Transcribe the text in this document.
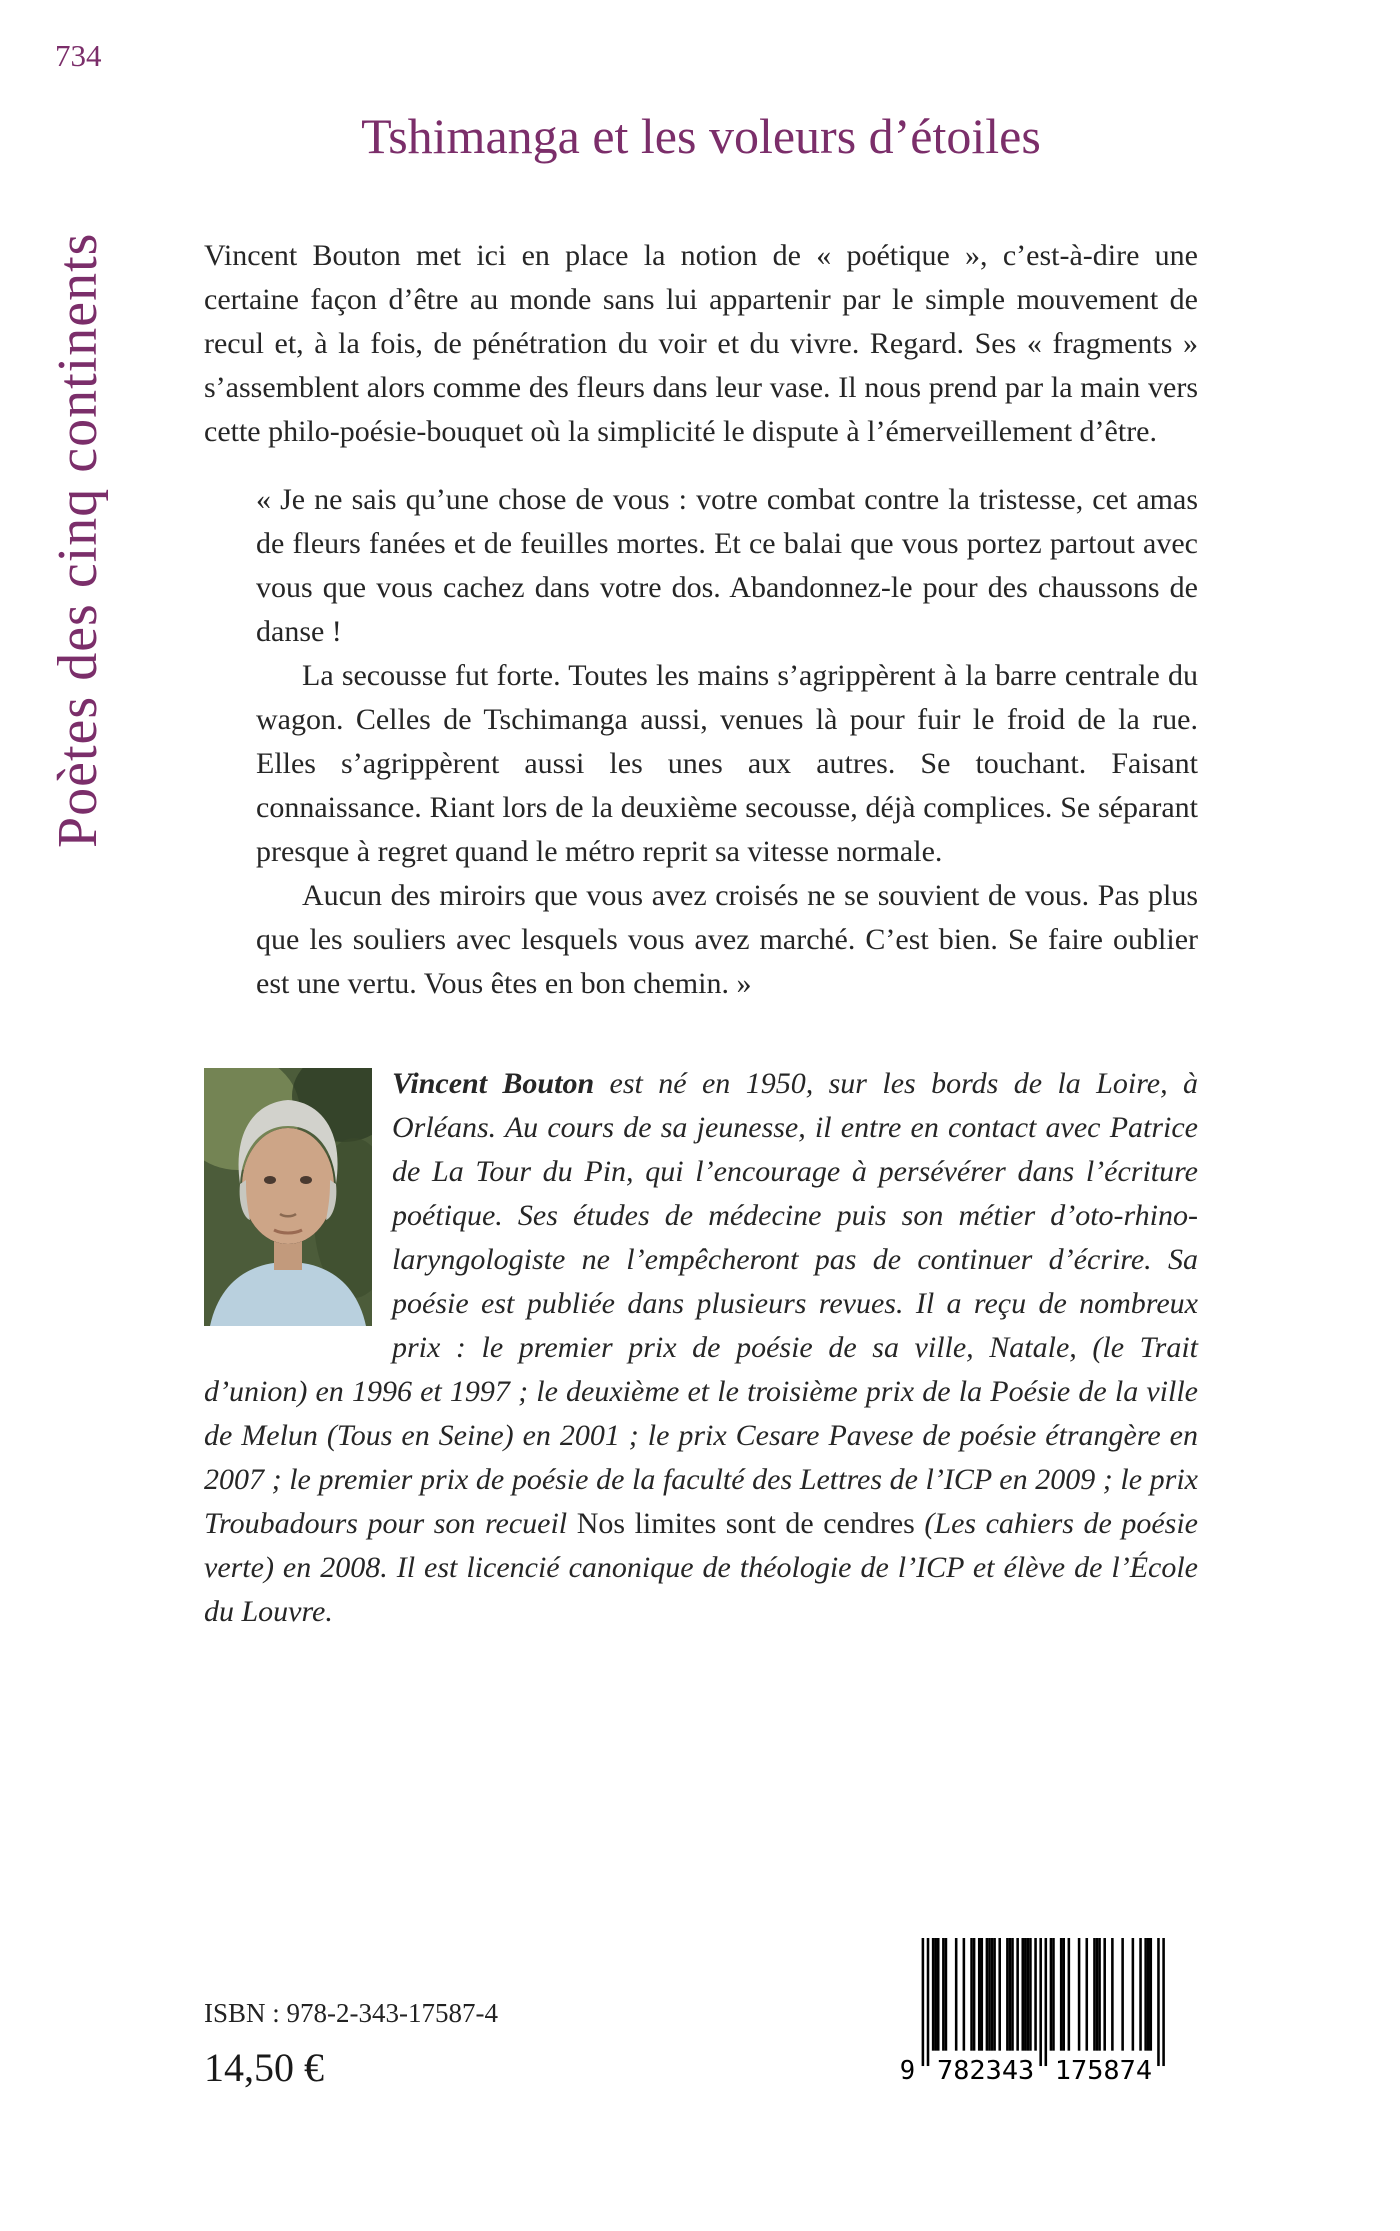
734
Poètes des cinq continents
Tshimanga et les voleurs d’étoiles

Vincent Bouton met ici en place la notion de « poétique », c’est-à-dire une certaine façon d’être au monde sans lui appartenir par le simple mouvement de recul et, à la fois, de pénétration du voir et du vivre. Regard. Ses « fragments » s’assemblent alors comme des fleurs dans leur vase. Il nous prend par la main vers cette philo-poésie-bouquet où la simplicité le dispute à l’émerveillement d’être.

« Je ne sais qu’une chose de vous : votre combat contre la tristesse, cet amas de fleurs fanées et de feuilles mortes. Et ce balai que vous portez partout avec vous que vous cachez dans votre dos. Abandonnez-le pour des chaussons de danse !

La secousse fut forte. Toutes les mains s’agrippèrent à la barre centrale du wagon. Celles de Tschimanga aussi, venues là pour fuir le froid de la rue. Elles s’agrippèrent aussi les unes aux autres. Se touchant. Faisant connaissance. Riant lors de la deuxième secousse, déjà complices. Se séparant presque à regret quand le métro reprit sa vitesse normale.

Aucun des miroirs que vous avez croisés ne se souvient de vous. Pas plus que les souliers avec lesquels vous avez marché. C’est bien. Se faire oublier est une vertu. Vous êtes en bon chemin. »

Vincent Bouton est né en 1950, sur les bords de la Loire, à Orléans. Au cours de sa jeunesse, il entre en contact avec Patrice de La Tour du Pin, qui l’encourage à persévérer dans l’écriture poétique. Ses études de médecine puis son métier d’oto-rhino-laryngologiste ne l’empêcheront pas de continuer d’écrire. Sa poésie est publiée dans plusieurs revues. Il a reçu de nombreux prix : le premier prix de poésie de sa ville, Natale, (le Trait d’union) en 1996 et 1997 ; le deuxième et le troisième prix de la Poésie de la ville de Melun (Tous en Seine) en 2001 ; le prix Cesare Pavese de poésie étrangère en 2007 ; le premier prix de poésie de la faculté des Lettres de l’ICP en 2009 ; le prix Troubadours pour son recueil Nos limites sont de cendres (Les cahiers de poésie verte) en 2008. Il est licencié canonique de théologie de l’ICP et élève de l’École du Louvre.
ISBN : 978-2-343-17587-4
14,50 €	9 782343 175874
